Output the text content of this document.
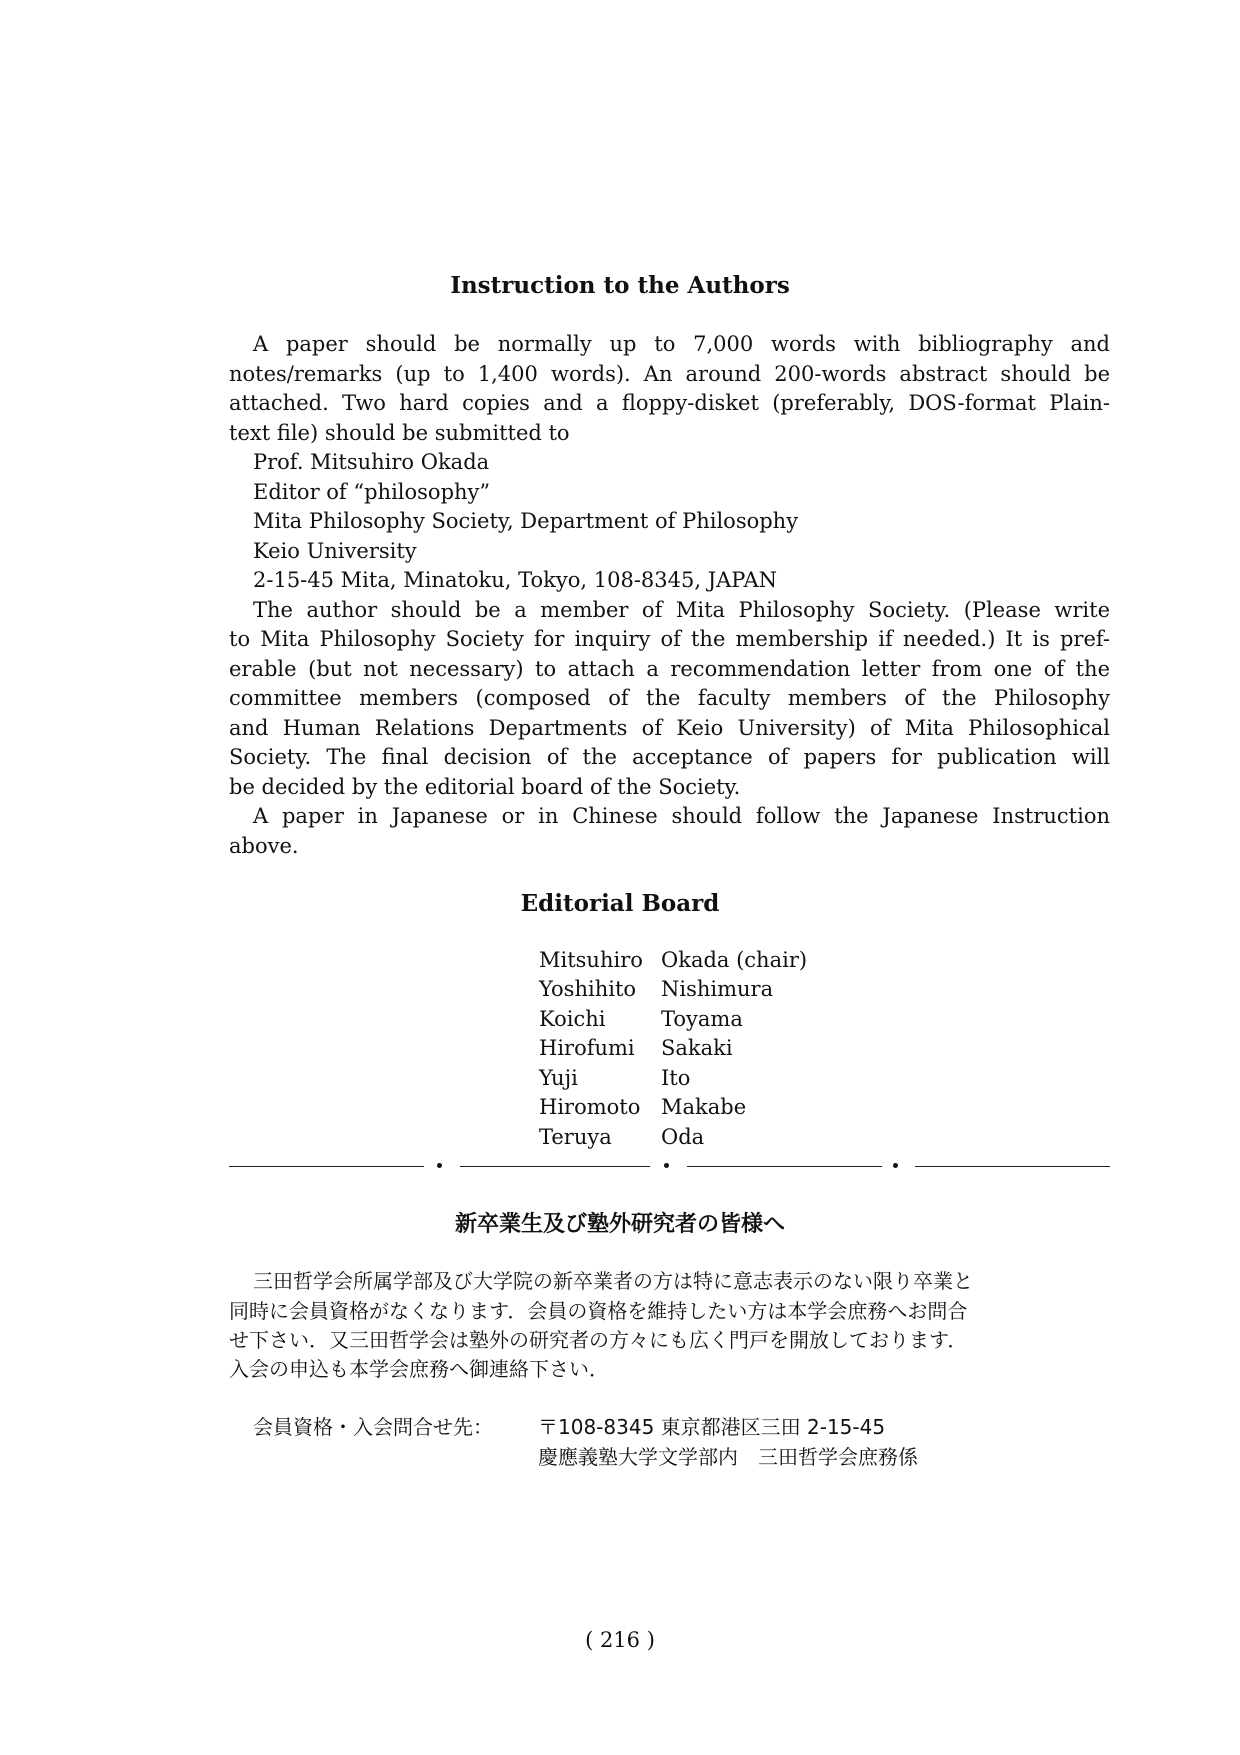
Instruction to the Authors
A paper should be normally up to 7,000 words with bibliography and
notes/remarks (up to 1,400 words). An around 200-words abstract should be
attached. Two hard copies and a floppy-disket (preferably, DOS-format Plain-
text file) should be submitted to
Prof. Mitsuhiro Okada
Editor of “philosophy”
Mita Philosophy Society, Department of Philosophy
Keio University
2-15-45 Mita, Minatoku, Tokyo, 108-8345, JAPAN
The author should be a member of Mita Philosophy Society. (Please write
to Mita Philosophy Society for inquiry of the membership if needed.) It is pref-
erable (but not necessary) to attach a recommendation letter from one of the
committee members (composed of the faculty members of the Philosophy
and Human Relations Departments of Keio University) of Mita Philosophical
Society. The final decision of the acceptance of papers for publication will
be decided by the editorial board of the Society.
A paper in Japanese or in Chinese should follow the Japanese Instruction
above.
Editorial Board
Mitsuhiro Okada (chair)
Yoshihito Nishimura
Koichi	Toyama
Hirofumi Sakaki
Yuji	Ito
Hiromoto Makabe
Teruya Oda
新卒業生及び塾外研究者の皆様へ
三田哲学会所属学部及び大学院の新卒業者の方は特に意志表示のない限り卒業と
同時に会員資格がなくなります．会員の資格を維持したい方は本学会庶務へお問合
せ下さい．又三田哲学会は塾外の研究者の方々にも広く門戸を開放しております．
入会の申込も本学会庶務へ御連絡下さい．
会員資格・入会問合せ先： 〒108-8345 東京都港区三田 2-15-45
慶應義塾大学文学部内　三田哲学会庶務係
( 216 )
